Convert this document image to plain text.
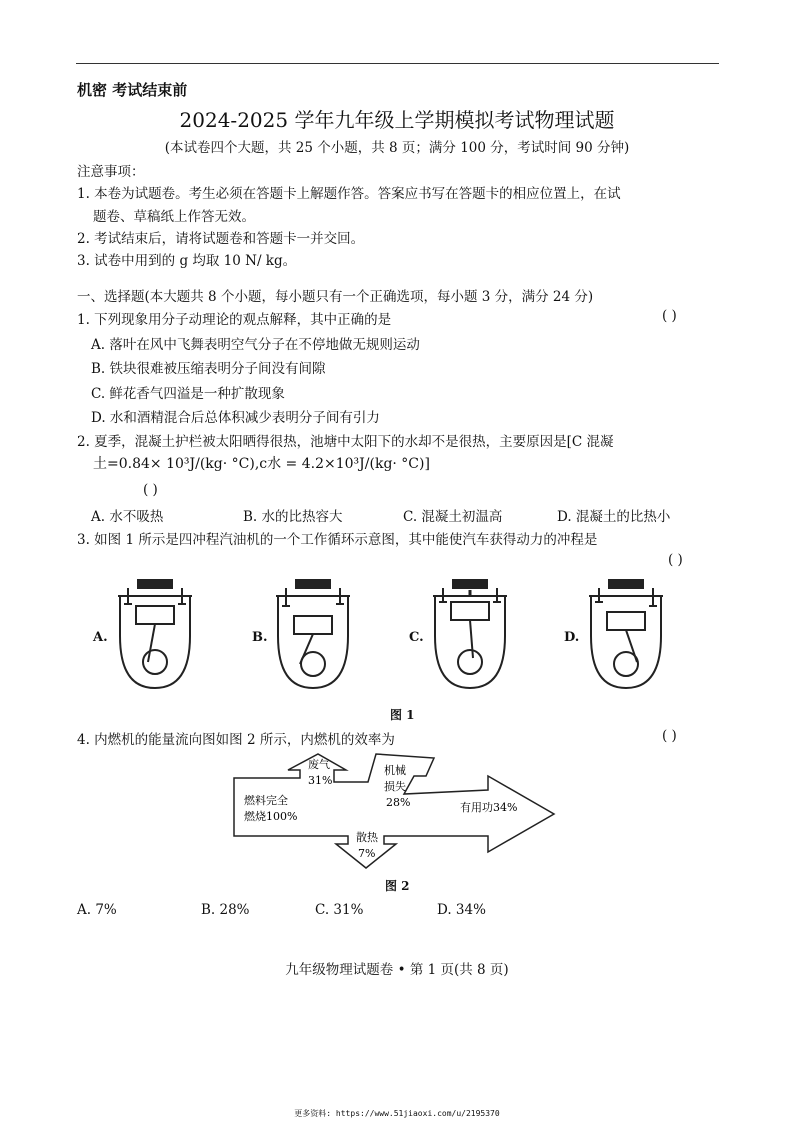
机密 考试结束前
2024-2025 学年九年级上学期模拟考试物理试题
(本试卷四个大题，共 25 个小题，共 8 页；满分 100 分，考试时间 90 分钟)
注意事项：
1. 本卷为试题卷。考生必须在答题卡上解题作答。答案应书写在答题卡的相应位置上，在试
题卷、草稿纸上作答无效。
2. 考试结束后，请将试题卷和答题卡一并交回。
3. 试卷中用到的 g 均取 10 N/ kg。
一、选择题(本大题共 8 个小题，每小题只有一个正确选项，每小题 3 分，满分 24 分)
1. 下列现象用分子动理论的观点解释，其中正确的是	( )
A. 落叶在风中飞舞表明空气分子在不停地做无规则运动
B. 铁块很难被压缩表明分子间没有间隙
C. 鲜花香气四溢是一种扩散现象
D. 水和酒精混合后总体积减少表明分子间有引力
2. 夏季，混凝土护栏被太阳晒得很热，池塘中太阳下的水却不是很热，主要原因是[C 混凝
土=0.84× 10³J/(kg· °C),c水 = 4.2×10³J/(kg· °C)]
( )
A. 水不吸热	B. 水的比热容大	C. 混凝土初温高	D. 混凝土的比热小
3. 如图 1 所示是四冲程汽油机的一个工作循环示意图，其中能使汽车获得动力的冲程是
( )
A.	B.	C.	D.
图 1
4. 内燃机的能量流向图如图 2 所示，内燃机的效率为	( )
燃料完全
燃烧100%
废气
31%
机械
损失
28%	有用功34%
散热
7%
图 2
A. 7%	B. 28%	C. 31%	D. 34%
九年级物理试题卷 • 第 1 页(共 8 页)
更多资料: https://www.51jiaoxi.com/u/2195370
